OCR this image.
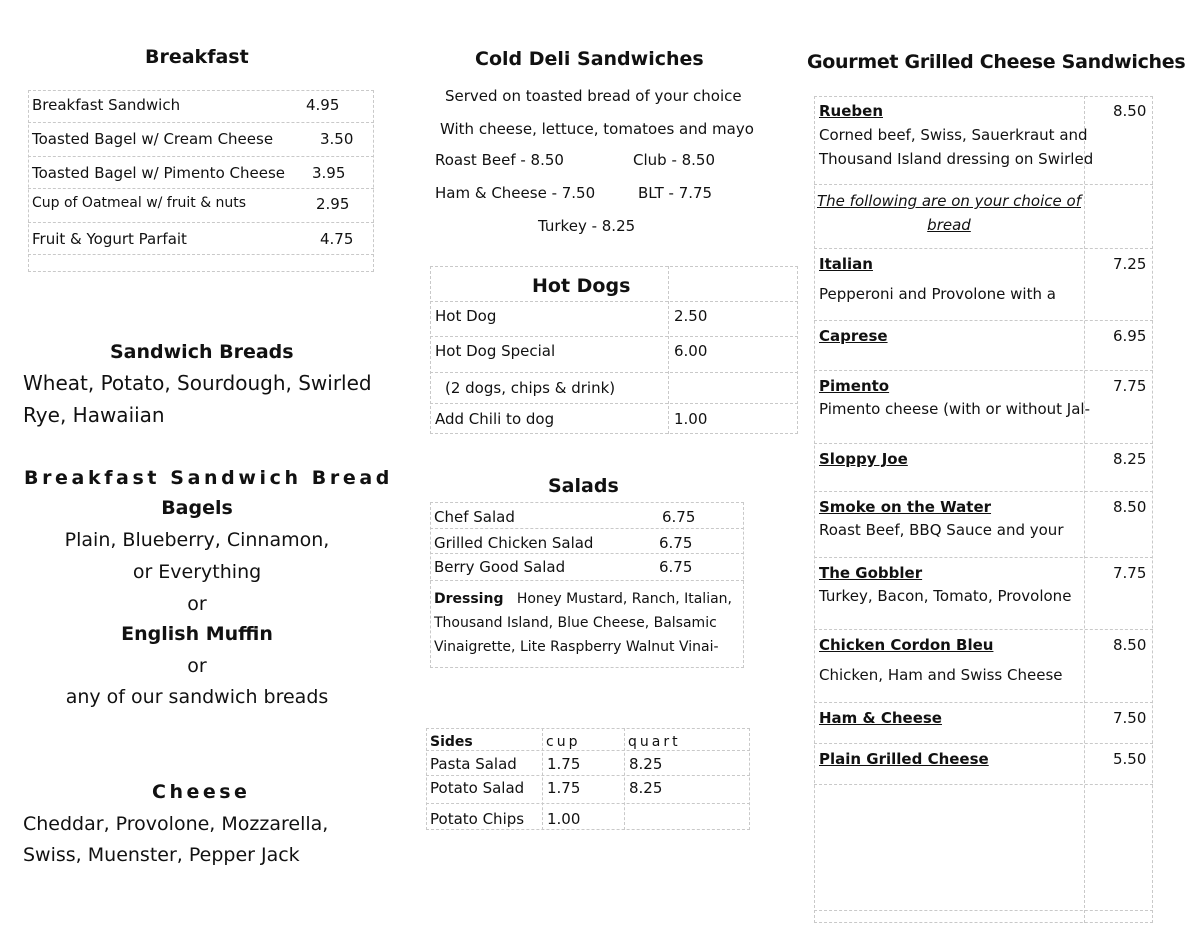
Breakfast
Breakfast Sandwich	4.95
Toasted Bagel w/ Cream Cheese	3.50
Toasted Bagel w/ Pimento Cheese 3.95
Cup of Oatmeal w/ fruit & nuts	2.95
Fruit & Yogurt Parfait	4.75
Sandwich Breads
Wheat, Potato, Sourdough, Swirled
Rye, Hawaiian
Breakfast Sandwich Bread
Bagels
Plain, Blueberry, Cinnamon,
or Everything
or
English Muffin
or
any of our sandwich breads
Cheese
Cheddar, Provolone, Mozzarella,
Swiss, Muenster, Pepper Jack
Cold Deli Sandwiches
Served on toasted bread of your choice
With cheese, lettuce, tomatoes and mayo
Roast Beef - 8.50	Club - 8.50
Ham & Cheese - 7.50	BLT - 7.75
Turkey - 8.25
Hot Dogs
Hot Dog	2.50
Hot Dog Special	6.00
(2 dogs, chips & drink)
Add Chili to dog	1.00
Salads
Chef Salad	6.75
Grilled Chicken Salad	6.75
Berry Good Salad	6.75
Dressing Honey Mustard, Ranch, Italian,
Thousand Island, Blue Cheese, Balsamic
Vinaigrette, Lite Raspberry Walnut Vinai-
Sides	cup	quart
Pasta Salad 1.75	8.25
Potato Salad 1.75	8.25
Potato Chips 1.00
Gourmet Grilled Cheese Sandwiches
Rueben	8.50
Corned beef, Swiss, Sauerkraut and
Thousand Island dressing on Swirled
The following are on your choice of
bread
Italian	7.25
Pepperoni and Provolone with a
Caprese	6.95
Pimento	7.75
Pimento cheese (with or without Jal-
Sloppy Joe	8.25
Smoke on the Water	8.50
Roast Beef, BBQ Sauce and your
The Gobbler	7.75
Turkey, Bacon, Tomato, Provolone
Chicken Cordon Bleu	8.50
Chicken, Ham and Swiss Cheese
Ham & Cheese	7.50
Plain Grilled Cheese	5.50
